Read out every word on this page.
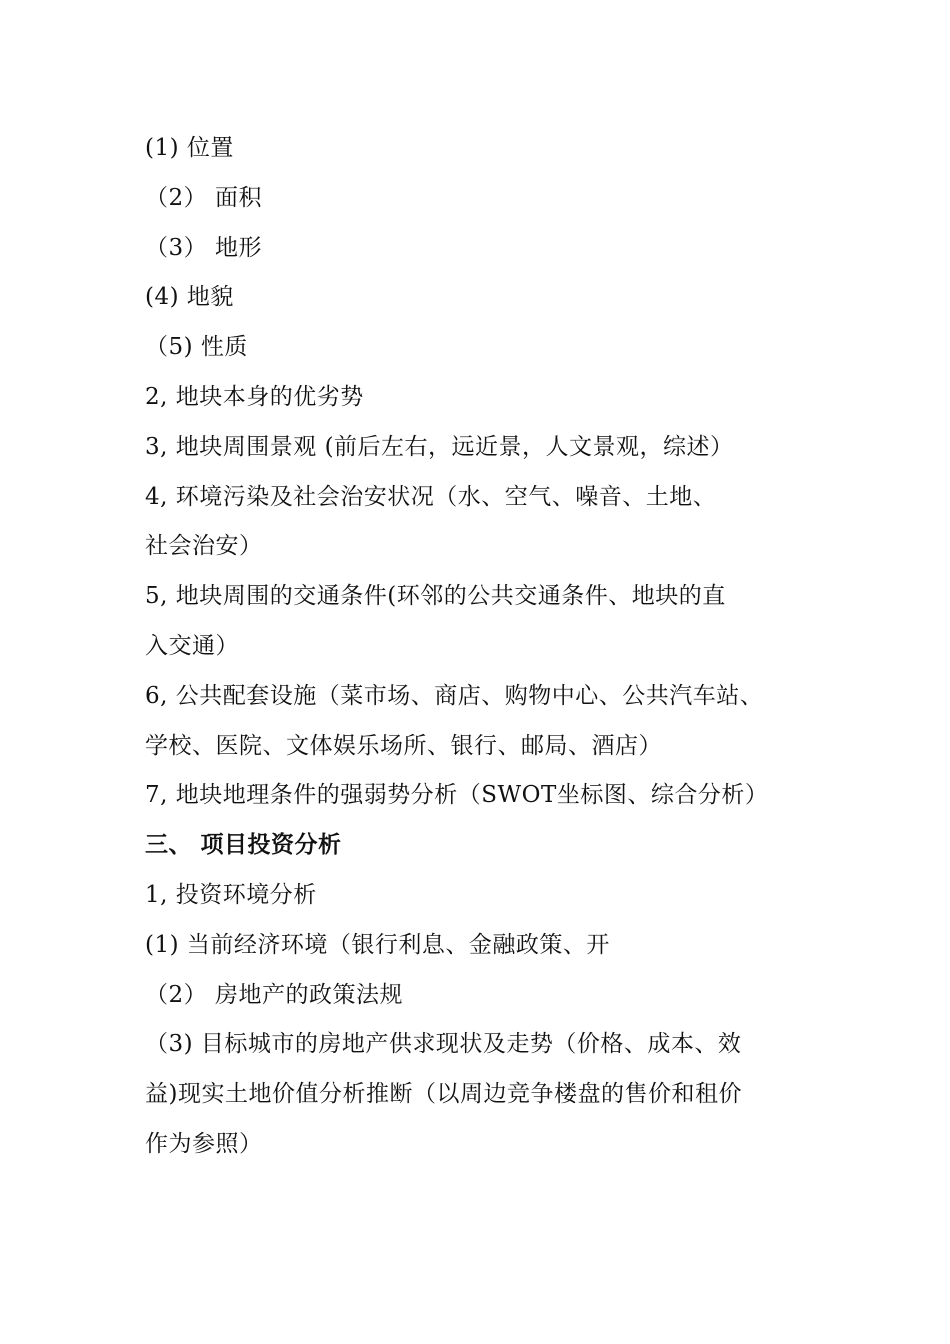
(1) 位置
（2） 面积
（3） 地形
(4) 地貌
（5) 性质
2, 地块本身的优劣势
3, 地块周围景观 (前后左右，远近景，人文景观，综述）
4, 环境污染及社会治安状况（水、空气、噪音、土地、
社会治安）
5, 地块周围的交通条件(环邻的公共交通条件、地块的直
入交通）
6, 公共配套设施（菜市场、商店、购物中心、公共汽车站、
学校、医院、文体娱乐场所、银行、邮局、酒店）
7, 地块地理条件的强弱势分析（SWOT坐标图、综合分析）
三、 项目投资分析
1, 投资环境分析
(1) 当前经济环境（银行利息、金融政策、开
（2） 房地产的政策法规
（3) 目标城市的房地产供求现状及走势（价格、成本、效
益)现实土地价值分析推断（以周边竞争楼盘的售价和租价
作为参照）
